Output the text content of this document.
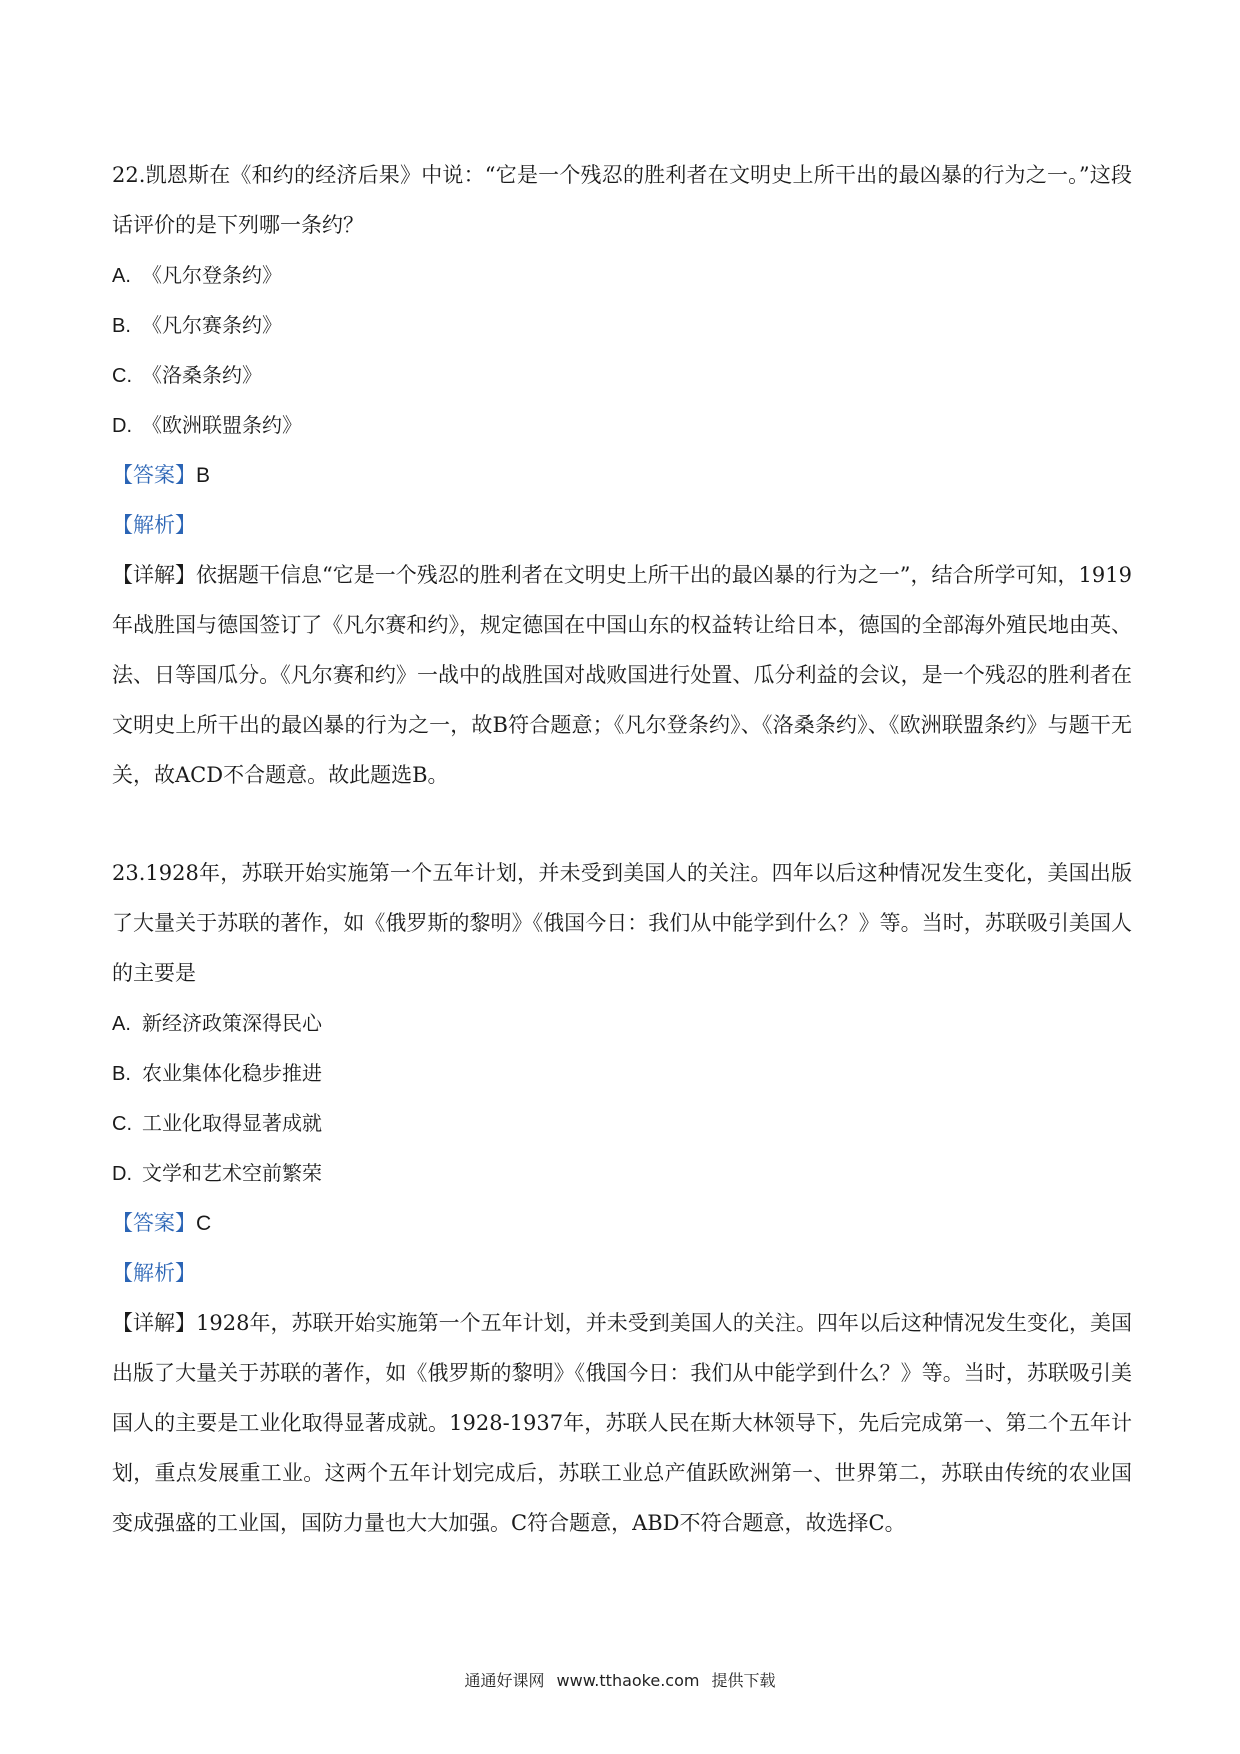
22.凯恩斯在《和约的经济后果》中说：“它是一个残忍的胜利者在文明史上所干出的最凶暴的行为之一。”这段话评价的是下列哪一条约？
A. 《凡尔登条约》
B. 《凡尔赛条约》
C. 《洛桑条约》
D. 《欧洲联盟条约》
【答案】B
【解析】
【详解】依据题干信息“它是一个残忍的胜利者在文明史上所干出的最凶暴的行为之一”，结合所学可知，1919年战胜国与德国签订了《凡尔赛和约》，规定德国在中国山东的权益转让给日本，德国的全部海外殖民地由英、法、日等国瓜分。《凡尔赛和约》一战中的战胜国对战败国进行处置、瓜分利益的会议，是一个残忍的胜利者在文明史上所干出的最凶暴的行为之一，故B符合题意；《凡尔登条约》、《洛桑条约》、《欧洲联盟条约》与题干无关，故ACD不合题意。故此题选B。
23.1928年，苏联开始实施第一个五年计划，并未受到美国人的关注。四年以后这种情况发生变化，美国出版了大量关于苏联的著作，如《俄罗斯的黎明》《俄国今日：我们从中能学到什么？》等。当时，苏联吸引美国人的主要是
A. 新经济政策深得民心
B. 农业集体化稳步推进
C. 工业化取得显著成就
D. 文学和艺术空前繁荣
【答案】C
【解析】
【详解】1928年，苏联开始实施第一个五年计划，并未受到美国人的关注。四年以后这种情况发生变化，美国出版了大量关于苏联的著作，如《俄罗斯的黎明》《俄国今日：我们从中能学到什么？》等。当时，苏联吸引美国人的主要是工业化取得显著成就。1928-1937年，苏联人民在斯大林领导下，先后完成第一、第二个五年计划，重点发展重工业。这两个五年计划完成后，苏联工业总产值跃欧洲第一、世界第二，苏联由传统的农业国变成强盛的工业国，国防力量也大大加强。C符合题意，ABD不符合题意，故选择C。
通通好课网 www.tthaoke.com 提供下载
